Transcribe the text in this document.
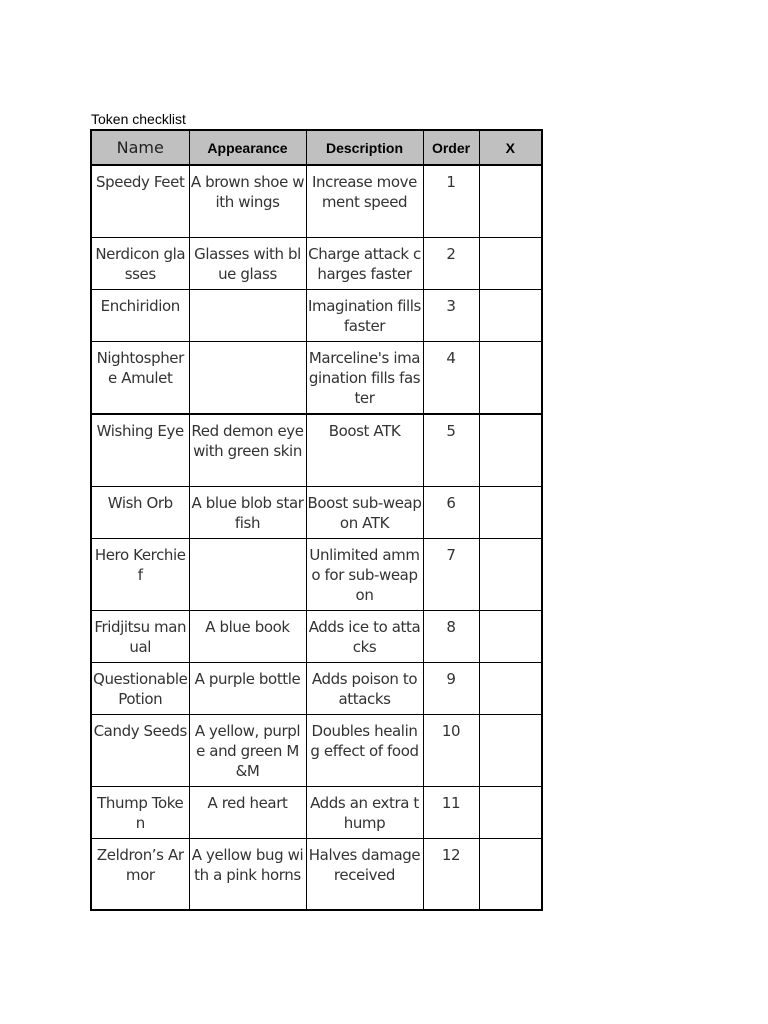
Token checklist
Name	Appearance	Description	Order	X
Speedy Feet	A brown shoe with wings	Increase movement speed	1	
Nerdicon glasses	Glasses with blue glass	Charge attack charges faster	2	
Enchiridion		Imagination fills faster	3	
Nightosphere Amulet		Marceline's imagination fills faster	4	
Wishing Eye	Red demon eye with green skin	Boost ATK	5	
Wish Orb	A blue blob starfish	Boost sub-weapon ATK	6	
Hero Kerchief		Unlimited ammo for sub-weapon	7	
Fridjitsu manual	A blue book	Adds ice to attacks	8	
Questionable Potion	A purple bottle	Adds poison to attacks	9	
Candy Seeds	A yellow, purple and green M&M	Doubles healing effect of food	10	
Thump Token	A red heart	Adds an extra thump	11	
Zeldron’s Armor	A yellow bug with a pink horns	Halves damage received	12	
